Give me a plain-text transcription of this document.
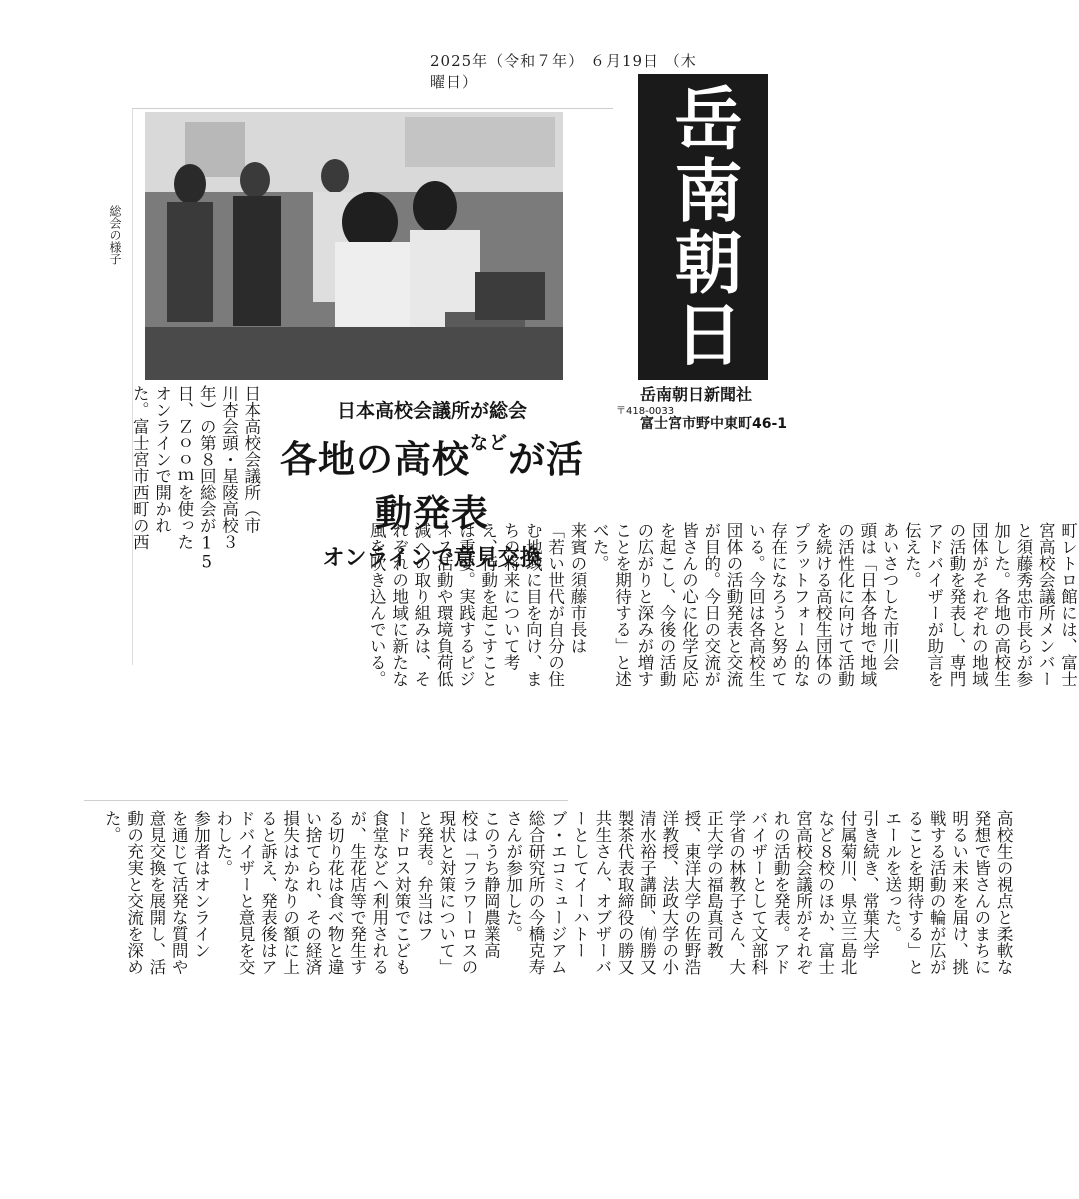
2025年（令和７年） ６月19日 （木曜日）
総会の様子	岳南朝日
岳南朝日新聞社
〒418-0033
富士宮市野中東町46-1
日本高校会議所が総会
各地の高校$^{など}$が活動発表
オンラインで意見交換
日本高校会議所（市
川杏会頭・星陵高校３
年）の第８回総会が15
日、Ｚｏｏｍを使った
オンラインで開かれ
た。富士宮市西町の西
町レトロ館には、富士
宮高校会議所メンバー
と須藤秀忠市長らが参
加した。各地の高校生
団体がそれぞれの地域
の活動を発表し、専門
アドバイザーが助言を
伝えた。
あいさつした市川会
頭は「日本各地で地域
の活性化に向けて活動
を続ける高校生団体の
プラットフォーム的な
存在になろうと努めて
いる。今回は各高校生
団体の活動発表と交流
が目的。今日の交流が
皆さんの心に化学反応
を起こし、今後の活動
の広がりと深みが増す
ことを期待する」と述
べた。
来賓の須藤市長は
「若い世代が自分の住
む地域に目を向け、ま
ちの将来について考
え、行動を起こすこと
は重要。実践するビジ
ネス活動や環境負荷低
減への取り組みは、そ
れぞれの地域に新たな
風を吹き込んでいる。
高校生の視点と柔軟な
発想で皆さんのまちに
明るい未来を届け、挑
戦する活動の輪が広が
ることを期待する」と
エールを送った。
引き続き、常葉大学
付属菊川、県立三島北
など８校のほか、富士
宮高校会議所がそれぞ
れの活動を発表。アド
バイザーとして文部科
学省の林教子さん、大
正大学の福島真司教
授、東洋大学の佐野浩
洋教授、法政大学の小
清水裕子講師、㈲勝又
製茶代表取締役の勝又
共生さん、オブザーバ
ーとしてイーハトー
ブ・エコミュージアム
総合研究所の今橋克寿
さんが参加した。
このうち静岡農業高
校は「フラワーロスの
現状と対策について」
と発表。弁当はフ
ードロス対策でこども
食堂などへ利用される
が、生花店等で発生す
る切り花は食べ物と違
い捨てられ、その経済
損失はかなりの額に上
ると訴え、発表後はア
ドバイザーと意見を交
わした。
参加者はオンライン
を通じて活発な質問や
意見交換を展開し、活
動の充実と交流を深め
た。
